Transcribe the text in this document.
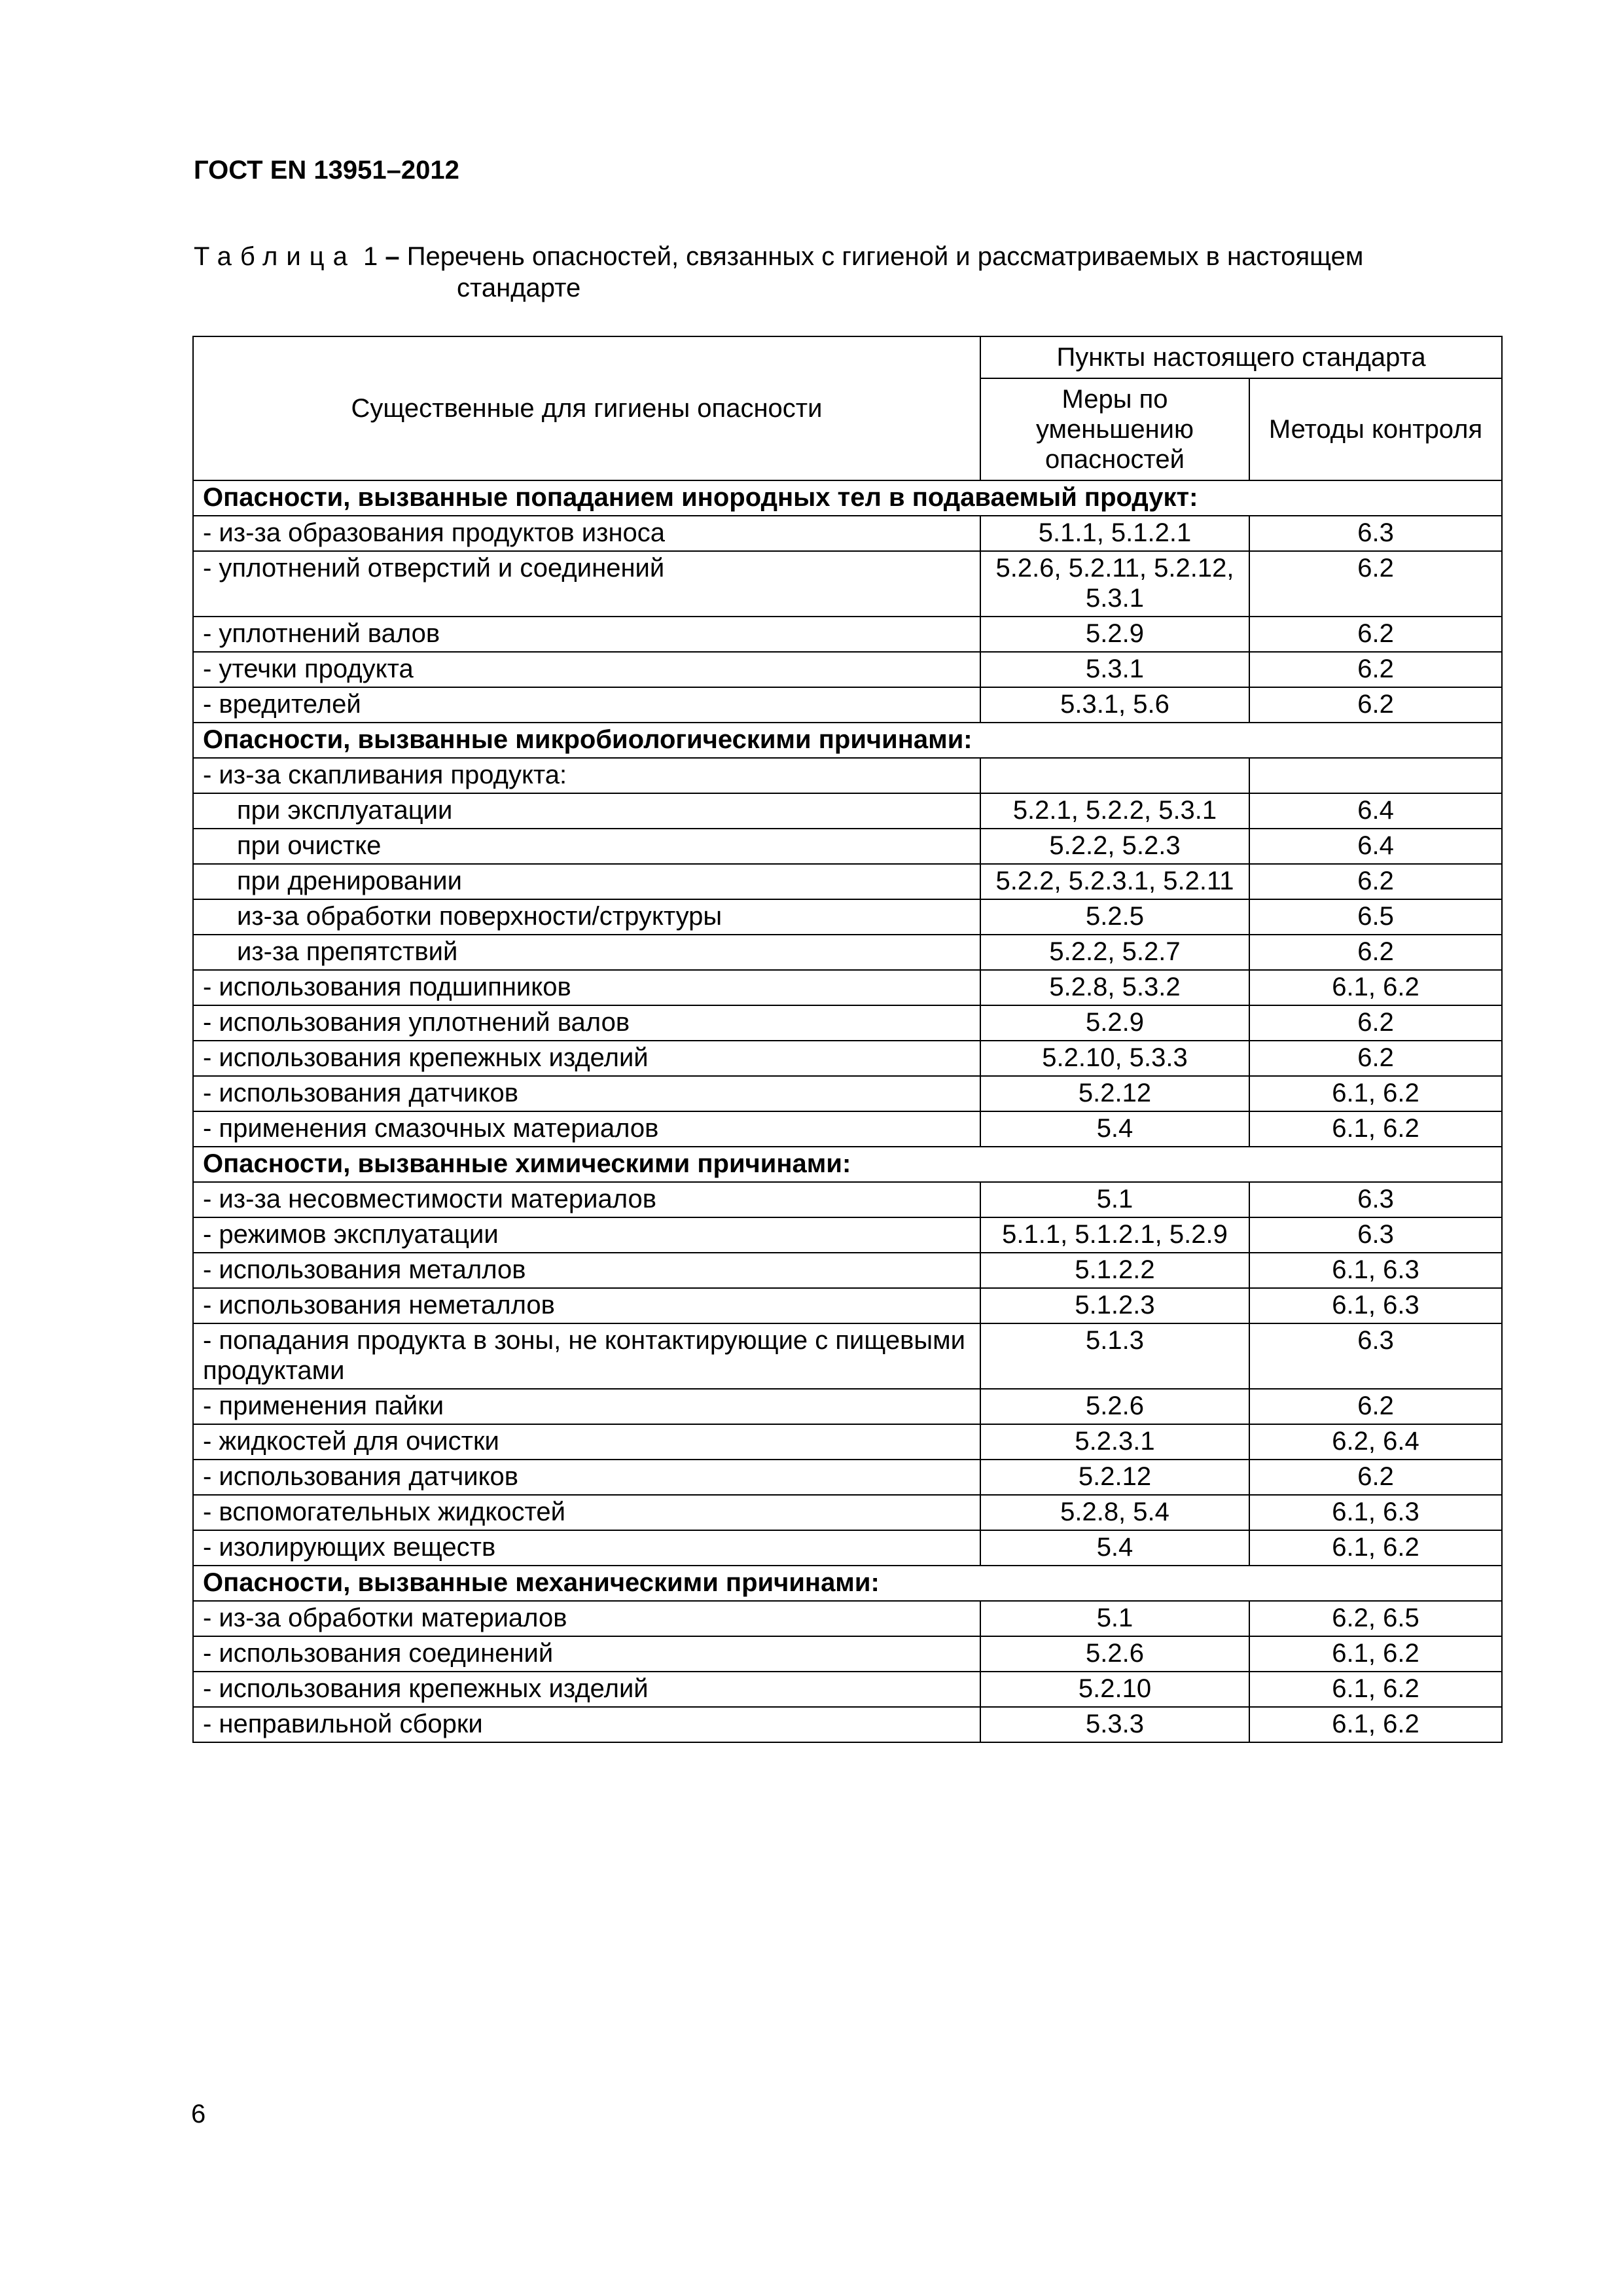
ГОСТ EN 13951–2012
Таблица 1 – Перечень опасностей, связанных с гигиеной и рассматриваемых в настоящем
стандарте
Существенные для гигиены опасности	Пункты настоящего стандарта	
	Меры по уменьшению опасностей	Методы контроля
Опасности, вызванные попаданием инородных тел в подаваемый продукт:		
- из-за образования продуктов износа	5.1.1, 5.1.2.1	6.3
- уплотнений отверстий и соединений	5.2.6, 5.2.11, 5.2.12, 5.3.1	6.2
- уплотнений валов	5.2.9	6.2
- утечки продукта	5.3.1	6.2
- вредителей	5.3.1, 5.6	6.2
Опасности, вызванные микробиологическими причинами:		
- из-за скапливания продукта:		
при эксплуатации	5.2.1, 5.2.2, 5.3.1	6.4
при очистке	5.2.2, 5.2.3	6.4
при дренировании	5.2.2, 5.2.3.1, 5.2.11	6.2
из-за обработки поверхности/структуры	5.2.5	6.5
из-за препятствий	5.2.2, 5.2.7	6.2
- использования подшипников	5.2.8, 5.3.2	6.1, 6.2
- использования уплотнений валов	5.2.9	6.2
- использования крепежных изделий	5.2.10, 5.3.3	6.2
- использования датчиков	5.2.12	6.1, 6.2
- применения смазочных материалов	5.4	6.1, 6.2
Опасности, вызванные химическими причинами:		
- из-за несовместимости материалов	5.1	6.3
- режимов эксплуатации	5.1.1, 5.1.2.1, 5.2.9	6.3
- использования металлов	5.1.2.2	6.1, 6.3
- использования неметаллов	5.1.2.3	6.1, 6.3
- попадания продукта в зоны, не контактирующие с пищевыми продуктами	5.1.3	6.3
- применения пайки	5.2.6	6.2
- жидкостей для очистки	5.2.3.1	6.2, 6.4
- использования датчиков	5.2.12	6.2
- вспомогательных жидкостей	5.2.8, 5.4	6.1, 6.3
- изолирующих веществ	5.4	6.1, 6.2
Опасности, вызванные механическими причинами:		
- из-за обработки материалов	5.1	6.2, 6.5
- использования соединений	5.2.6	6.1, 6.2
- использования крепежных изделий	5.2.10	6.1, 6.2
- неправильной сборки	5.3.3	6.1, 6.2
6
